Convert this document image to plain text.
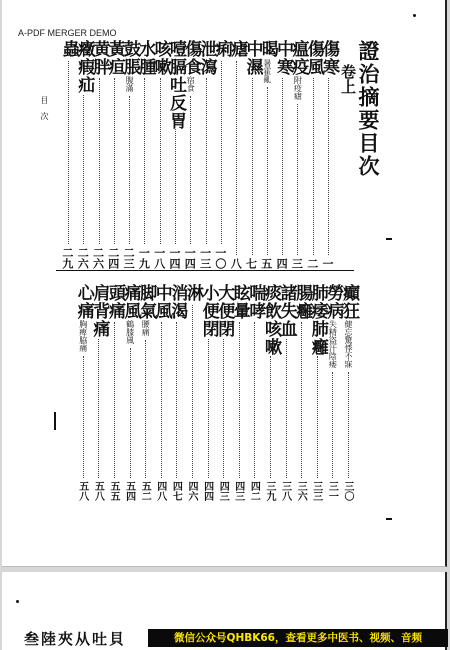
A-PDF MERGER DEMO
證治摘要目次
卷上
目　次
傷寒
一
傷風
二
瘟疫
附疫瘧
三
中寒
四
暍
暑霍亂
五
中濕
七
瘧
八
痢
一〇
泄瀉
一三
傷食
宿食
一四
噎膈吐反胃
一四
咳嗽
一八
水腫
一九
鼓脹
腹滿
二三
黃疸
二四
黄胖
二六
癥瘕疝
二六
蟲
二九
癲狂
健忘驚悸不寐
三〇
勞病
失精盜汗陰痿
三一
肺痿肺癰
三三
腸癰
三六
諸失血
三八
痰飲咳嗽
三九
喘哮
四二
眩暈
四三
大便閉
四三
小便閉
四四
淋
四六
消渴
四七
中風
四八
脚氣
腰痛
五二
痛風
鶴膝風
五四
頭痛
五五
肩背痛
五八
心痛
胸痺脇痛
五八
叁陸夾从吐貝	微信公众号QHBK66，查看更多中医书、视频、音频
